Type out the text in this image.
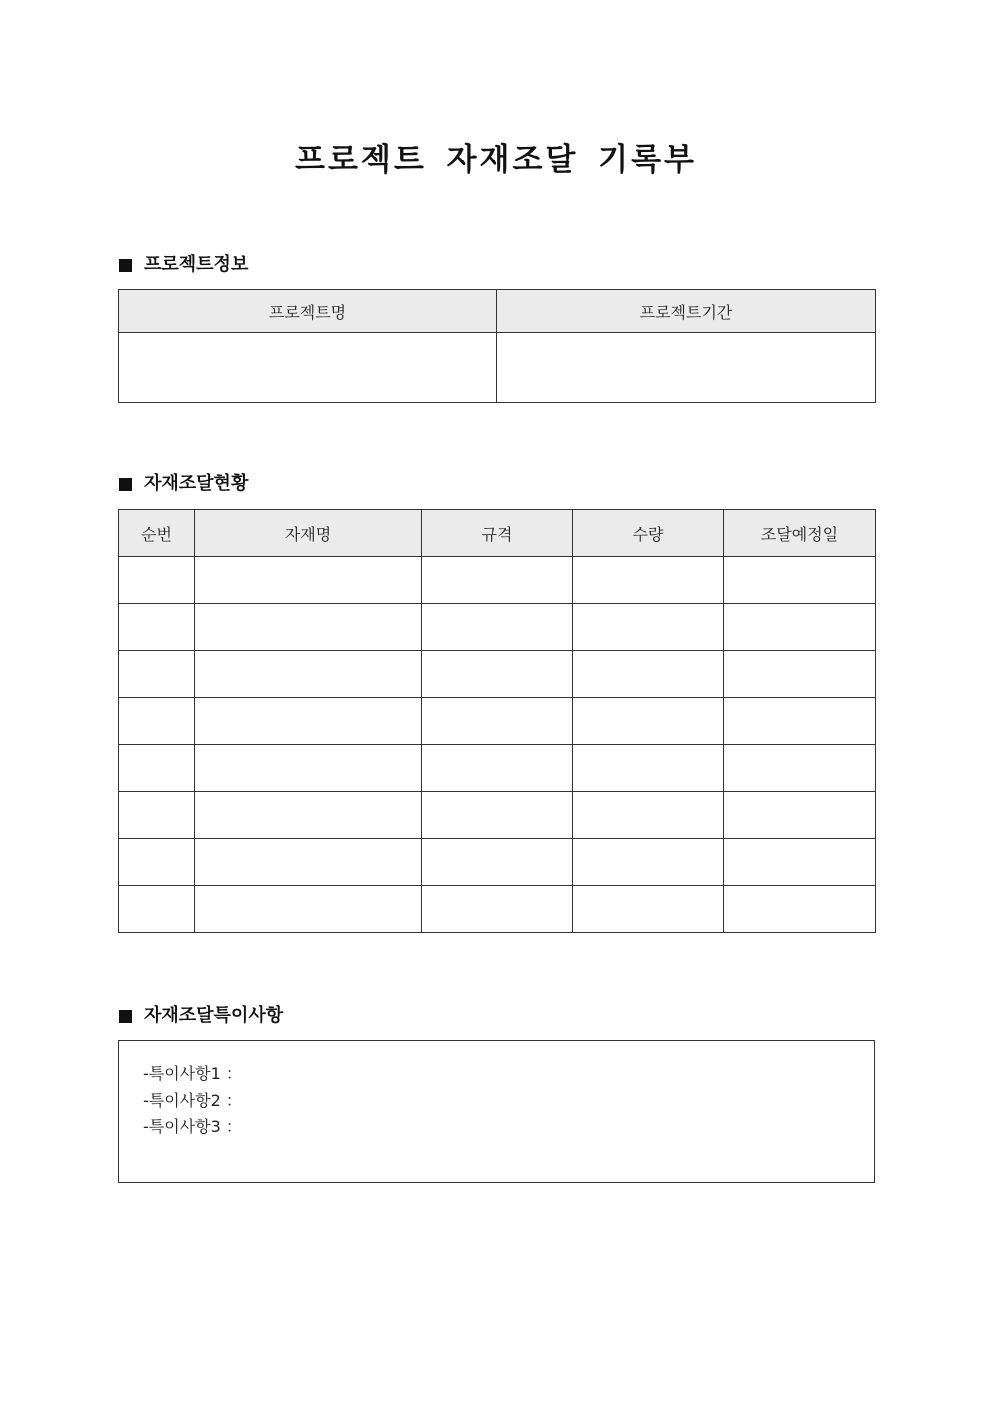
프로젝트 자재조달 기록부
프로젝트정보
프로젝트명	프로젝트기간

자재조달현황
순번	자재명	규격	수량	조달예정일

자재조달특이사항
-특이사항1 ：
-특이사항2 ：
-특이사항3 ：
